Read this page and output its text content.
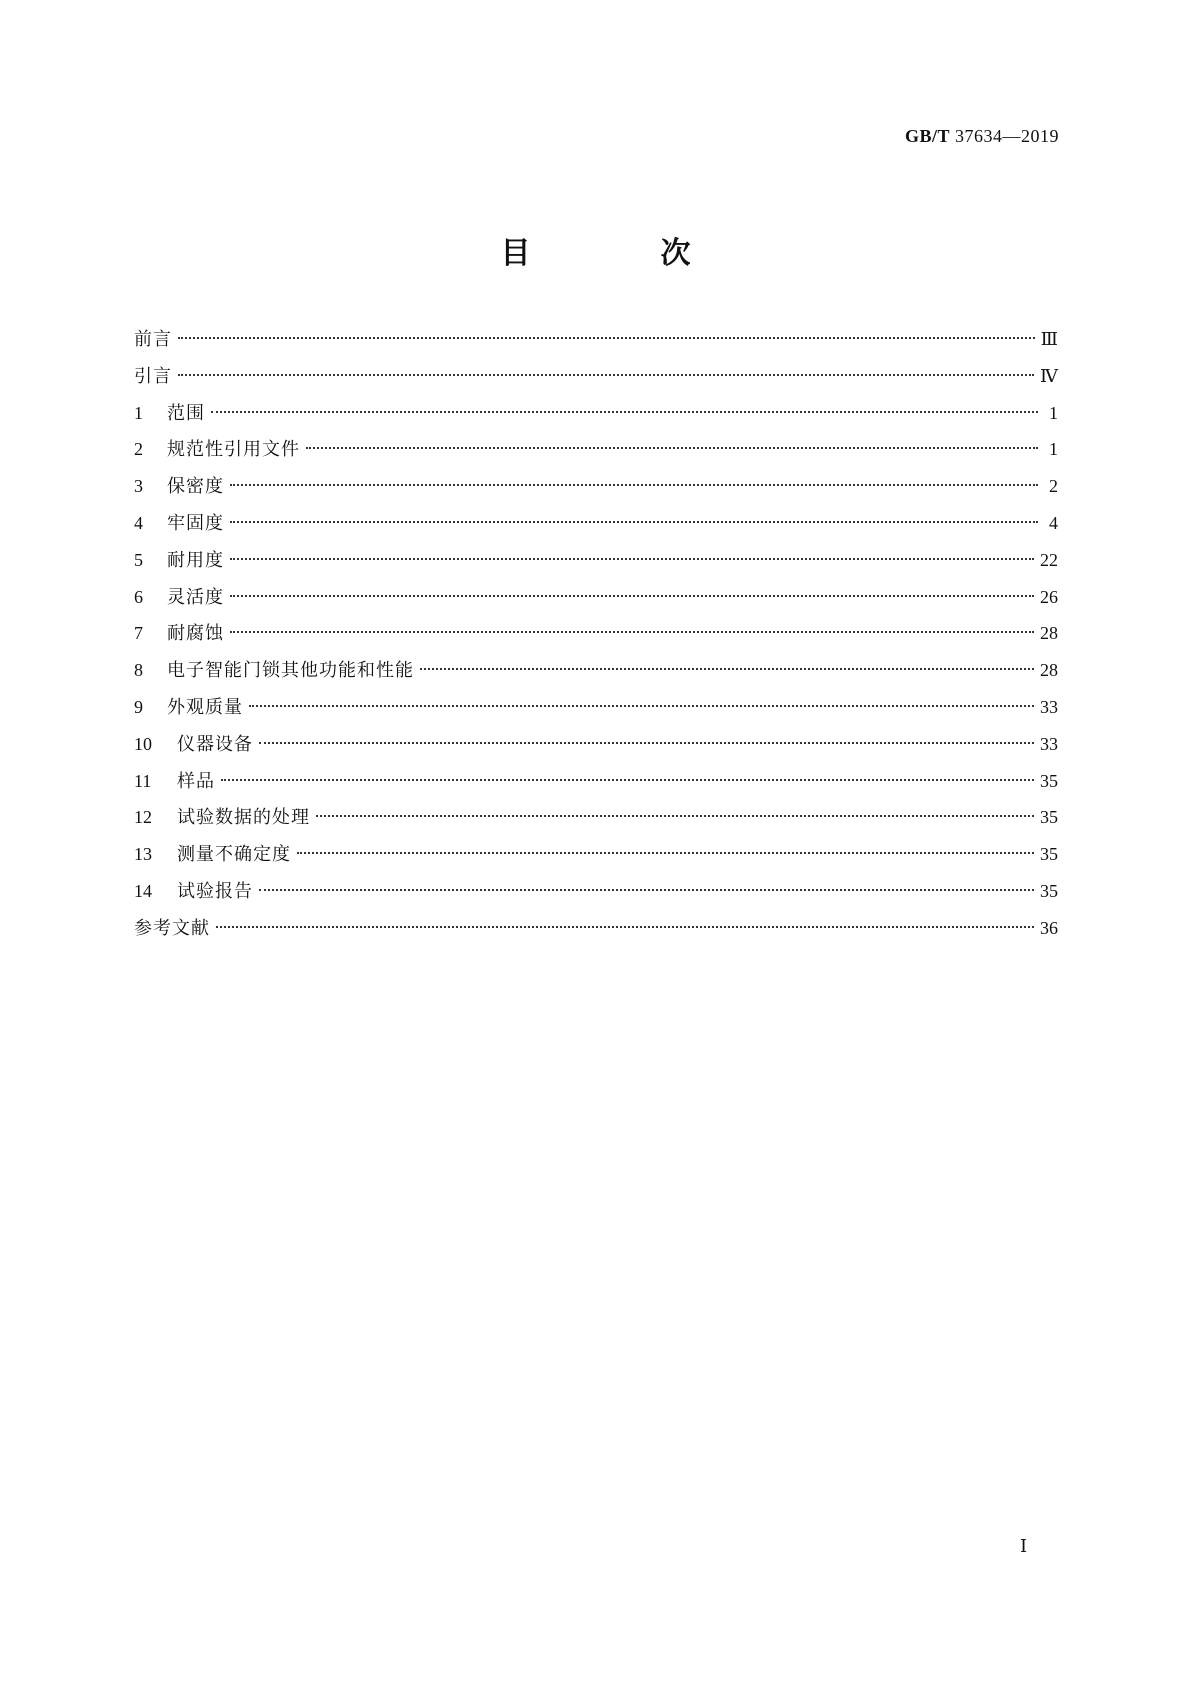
GB/T 37634—2019
目　次
前言	Ⅲ
引言	Ⅳ
1	范围	1
2	规范性引用文件	1
3	保密度	2
4	牢固度	4
5	耐用度	22
6	灵活度	26
7	耐腐蚀	28
8	电子智能门锁其他功能和性能	28
9	外观质量	33
10	仪器设备	33
11	样品	35
12	试验数据的处理	35
13	测量不确定度	35
14	试验报告	35
参考文献	36
Ⅰ
